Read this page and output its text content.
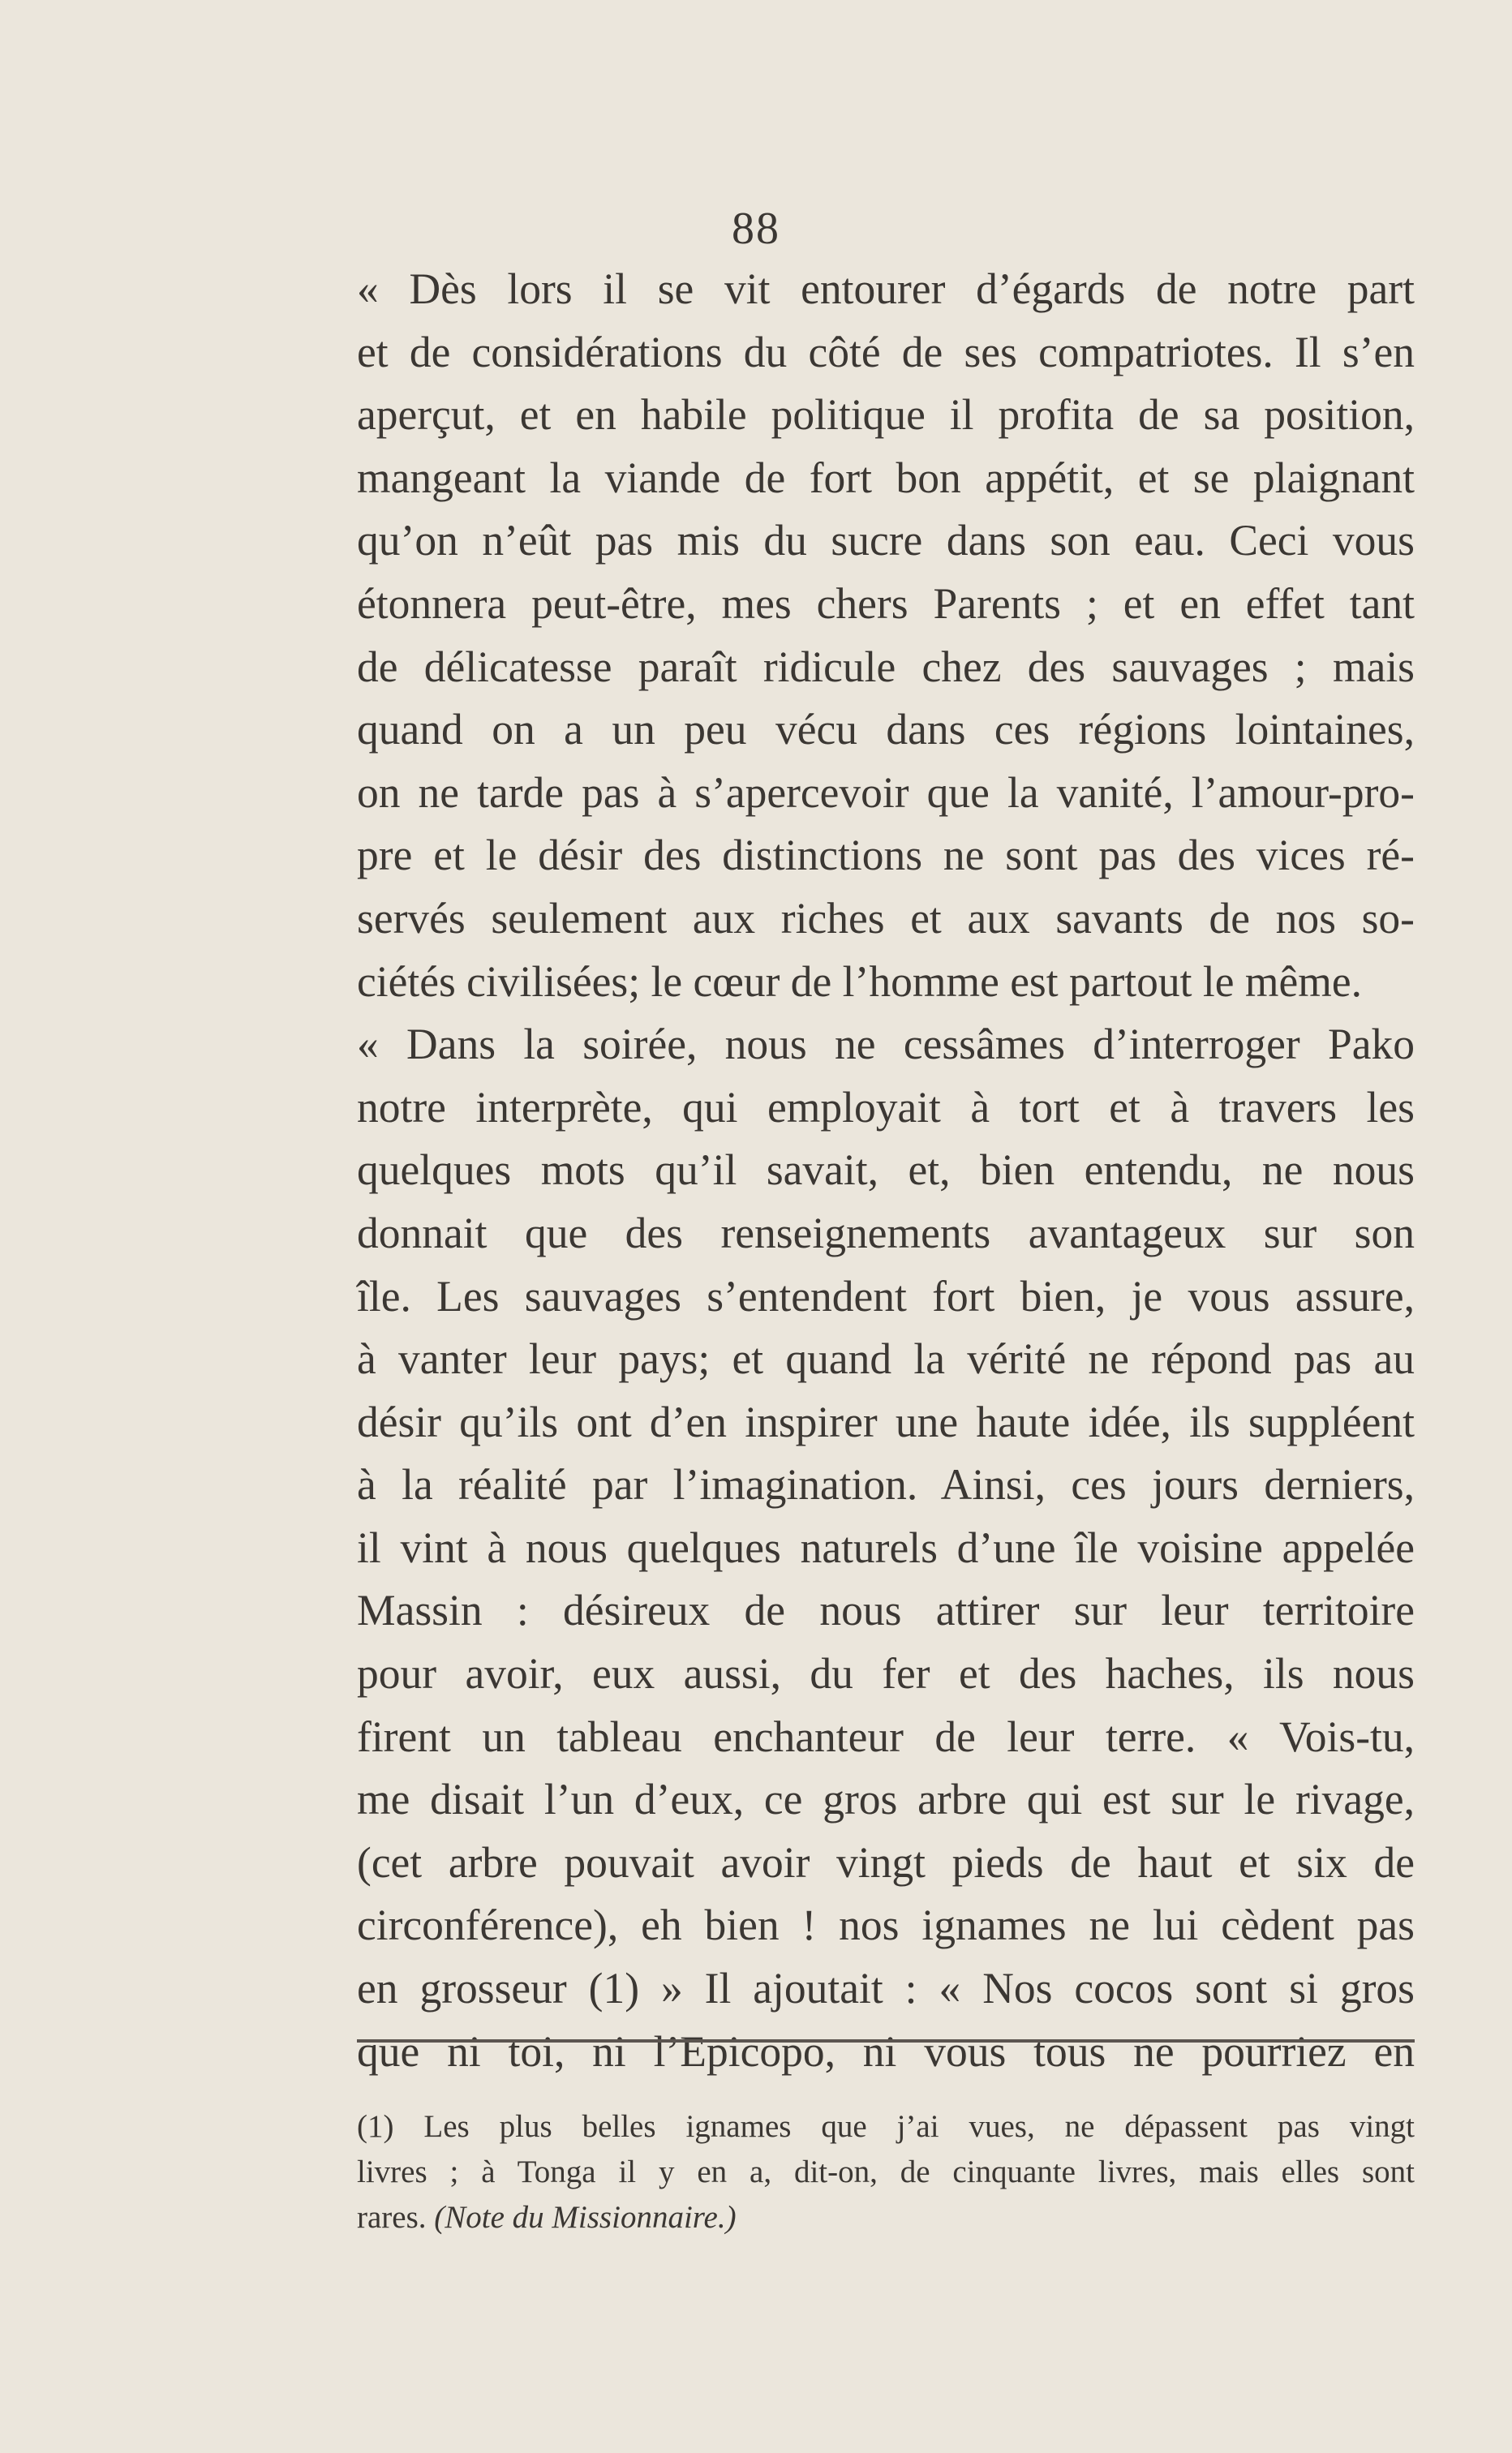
88
« Dès lors il se vit entourer d’égards de notre part
et de considérations du côté de ses compatriotes. Il s’en
aperçut, et en habile politique il profita de sa position,
mangeant la viande de fort bon appétit, et se plaignant
qu’on n’eût pas mis du sucre dans son eau. Ceci vous
étonnera peut-être, mes chers Parents ; et en effet tant
de délicatesse paraît ridicule chez des sauvages ; mais
quand on a un peu vécu dans ces régions lointaines,
on ne tarde pas à s’apercevoir que la vanité, l’amour-pro-
pre et le désir des distinctions ne sont pas des vices ré-
servés seulement aux riches et aux savants de nos so-
ciétés civilisées; le cœur de l’homme est partout le même.
« Dans la soirée, nous ne cessâmes d’interroger Pako
notre interprète, qui employait à tort et à travers les
quelques mots qu’il savait, et, bien entendu, ne nous
donnait que des renseignements avantageux sur son
île. Les sauvages s’entendent fort bien, je vous assure,
à vanter leur pays; et quand la vérité ne répond pas au
désir qu’ils ont d’en inspirer une haute idée, ils suppléent
à la réalité par l’imagination. Ainsi, ces jours derniers,
il vint à nous quelques naturels d’une île voisine appelée
Massin : désireux de nous attirer sur leur territoire
pour avoir, eux aussi, du fer et des haches, ils nous
firent un tableau enchanteur de leur terre. « Vois-tu,
me disait l’un d’eux, ce gros arbre qui est sur le rivage,
(cet arbre pouvait avoir vingt pieds de haut et six de
circonférence), eh bien ! nos ignames ne lui cèdent pas
en grosseur (1) » Il ajoutait : « Nos cocos sont si gros
que ni toi, ni l’Epicopo, ni vous tous ne pourriez en
(1) Les plus belles ignames que j’ai vues, ne dépassent pas vingt
livres ; à Tonga il y en a, dit-on, de cinquante livres, mais elles sont
rares. (Note du Missionnaire.)
